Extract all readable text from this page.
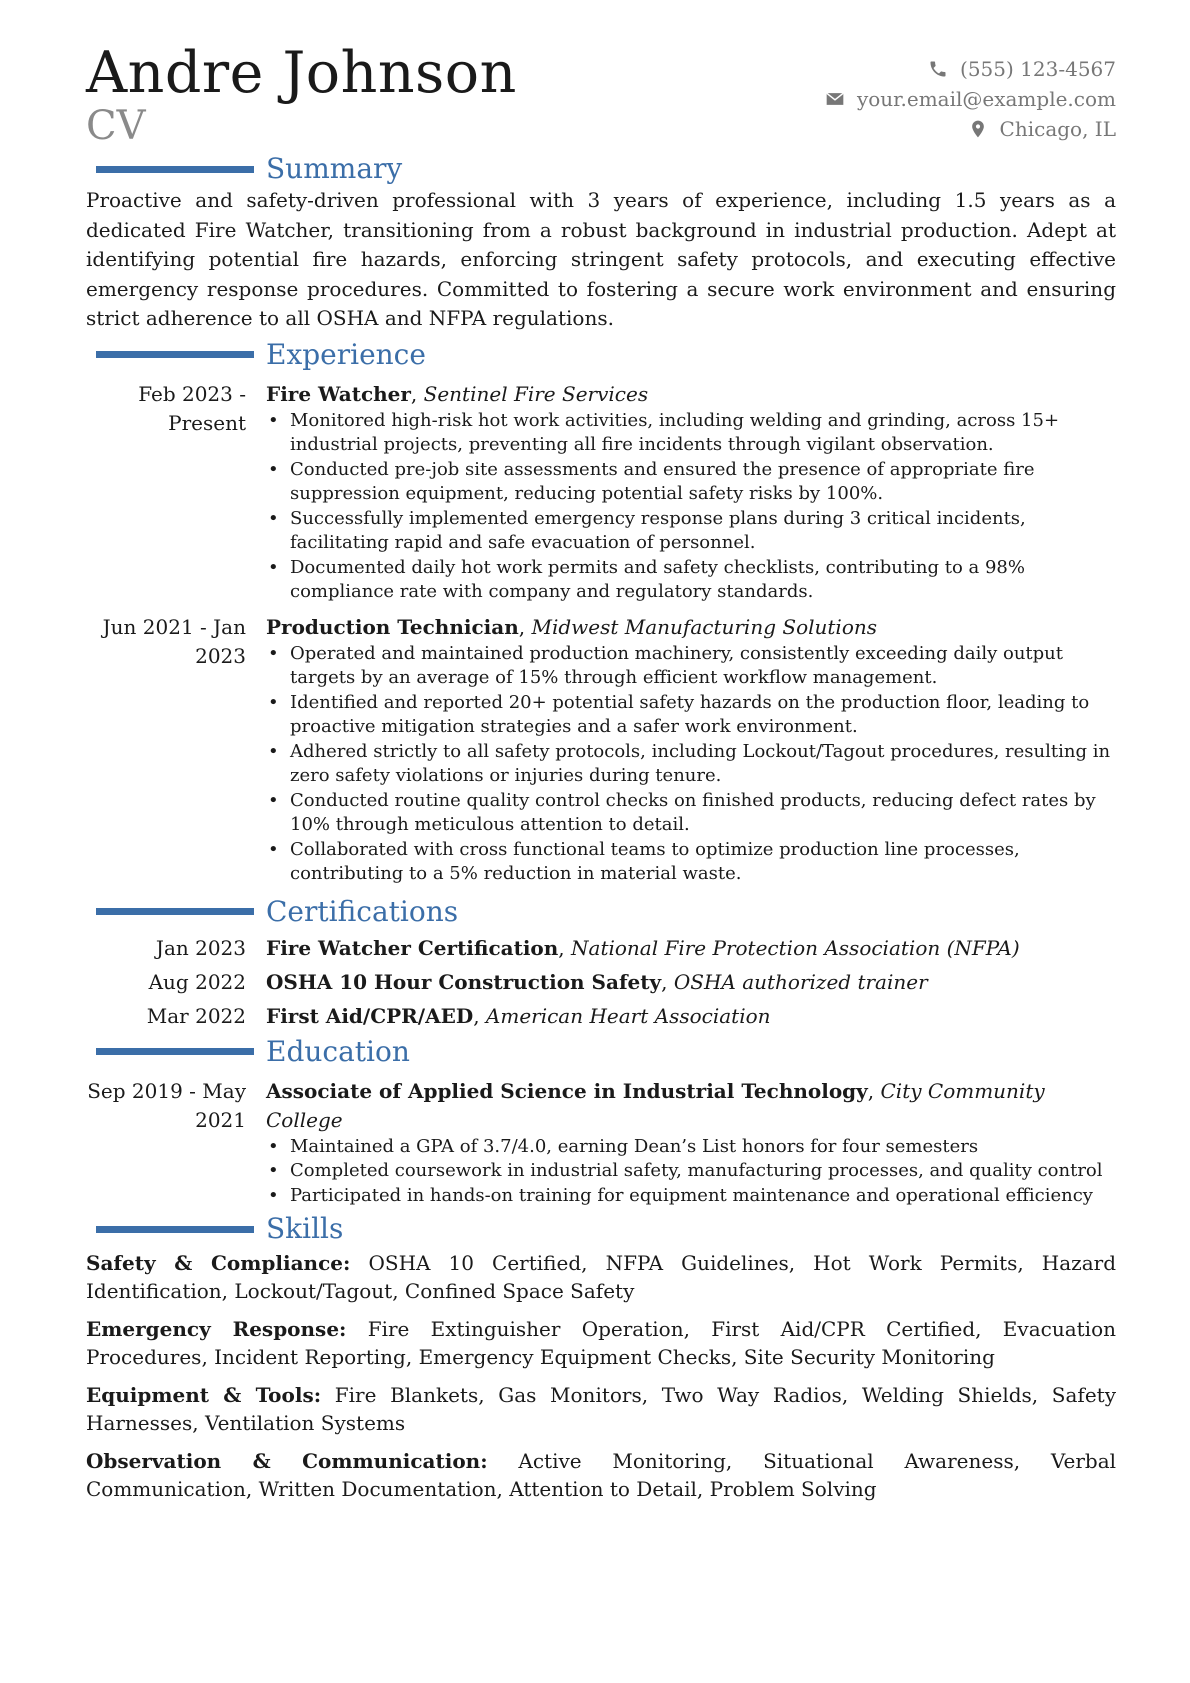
Andre Johnson
CV
(555) 123-4567
your.email@example.com
Chicago, IL
Summary
Proactive and safety-driven professional with 3 years of experience, including 1.5 years as a dedicated Fire Watcher, transitioning from a robust background in industrial production. Adept at identifying potential fire hazards, enforcing stringent safety protocols, and executing effective emergency response procedures. Committed to fostering a secure work environment and ensuring strict adherence to all OSHA and NFPA regulations.
Experience
Feb 2023 - Present
Fire Watcher, Sentinel Fire Services
• Monitored high-risk hot work activities, including welding and grinding, across 15+ industrial projects, preventing all fire incidents through vigilant observation.
• Conducted pre-job site assessments and ensured the presence of appropriate fire suppression equipment, reducing potential safety risks by 100%.
• Successfully implemented emergency response plans during 3 critical incidents, facilitating rapid and safe evacuation of personnel.
• Documented daily hot work permits and safety checklists, contributing to a 98% compliance rate with company and regulatory standards.
Jun 2021 - Jan 2023
Production Technician, Midwest Manufacturing Solutions
• Operated and maintained production machinery, consistently exceeding daily output targets by an average of 15% through efficient workflow management.
• Identified and reported 20+ potential safety hazards on the production floor, leading to proactive mitigation strategies and a safer work environment.
• Adhered strictly to all safety protocols, including Lockout/Tagout procedures, resulting in zero safety violations or injuries during tenure.
• Conducted routine quality control checks on finished products, reducing defect rates by 10% through meticulous attention to detail.
• Collaborated with cross functional teams to optimize production line processes, contributing to a 5% reduction in material waste.
Certifications
Jan 2023	Fire Watcher Certification, National Fire Protection Association (NFPA)
Aug 2022	OSHA 10 Hour Construction Safety, OSHA authorized trainer
Mar 2022	First Aid/CPR/AED, American Heart Association
Education
Sep 2019 - May 2021
Associate of Applied Science in Industrial Technology, City Community College
• Maintained a GPA of 3.7/4.0, earning Dean’s List honors for four semesters
• Completed coursework in industrial safety, manufacturing processes, and quality control
• Participated in hands-on training for equipment maintenance and operational efficiency
Skills
Safety & Compliance: OSHA 10 Certified, NFPA Guidelines, Hot Work Permits, Hazard Identification, Lockout/Tagout, Confined Space Safety
Emergency Response: Fire Extinguisher Operation, First Aid/CPR Certified, Evacuation Procedures, Incident Reporting, Emergency Equipment Checks, Site Security Monitoring
Equipment & Tools: Fire Blankets, Gas Monitors, Two Way Radios, Welding Shields, Safety Harnesses, Ventilation Systems
Observation & Communication: Active Monitoring, Situational Awareness, Verbal Communication, Written Documentation, Attention to Detail, Problem Solving
